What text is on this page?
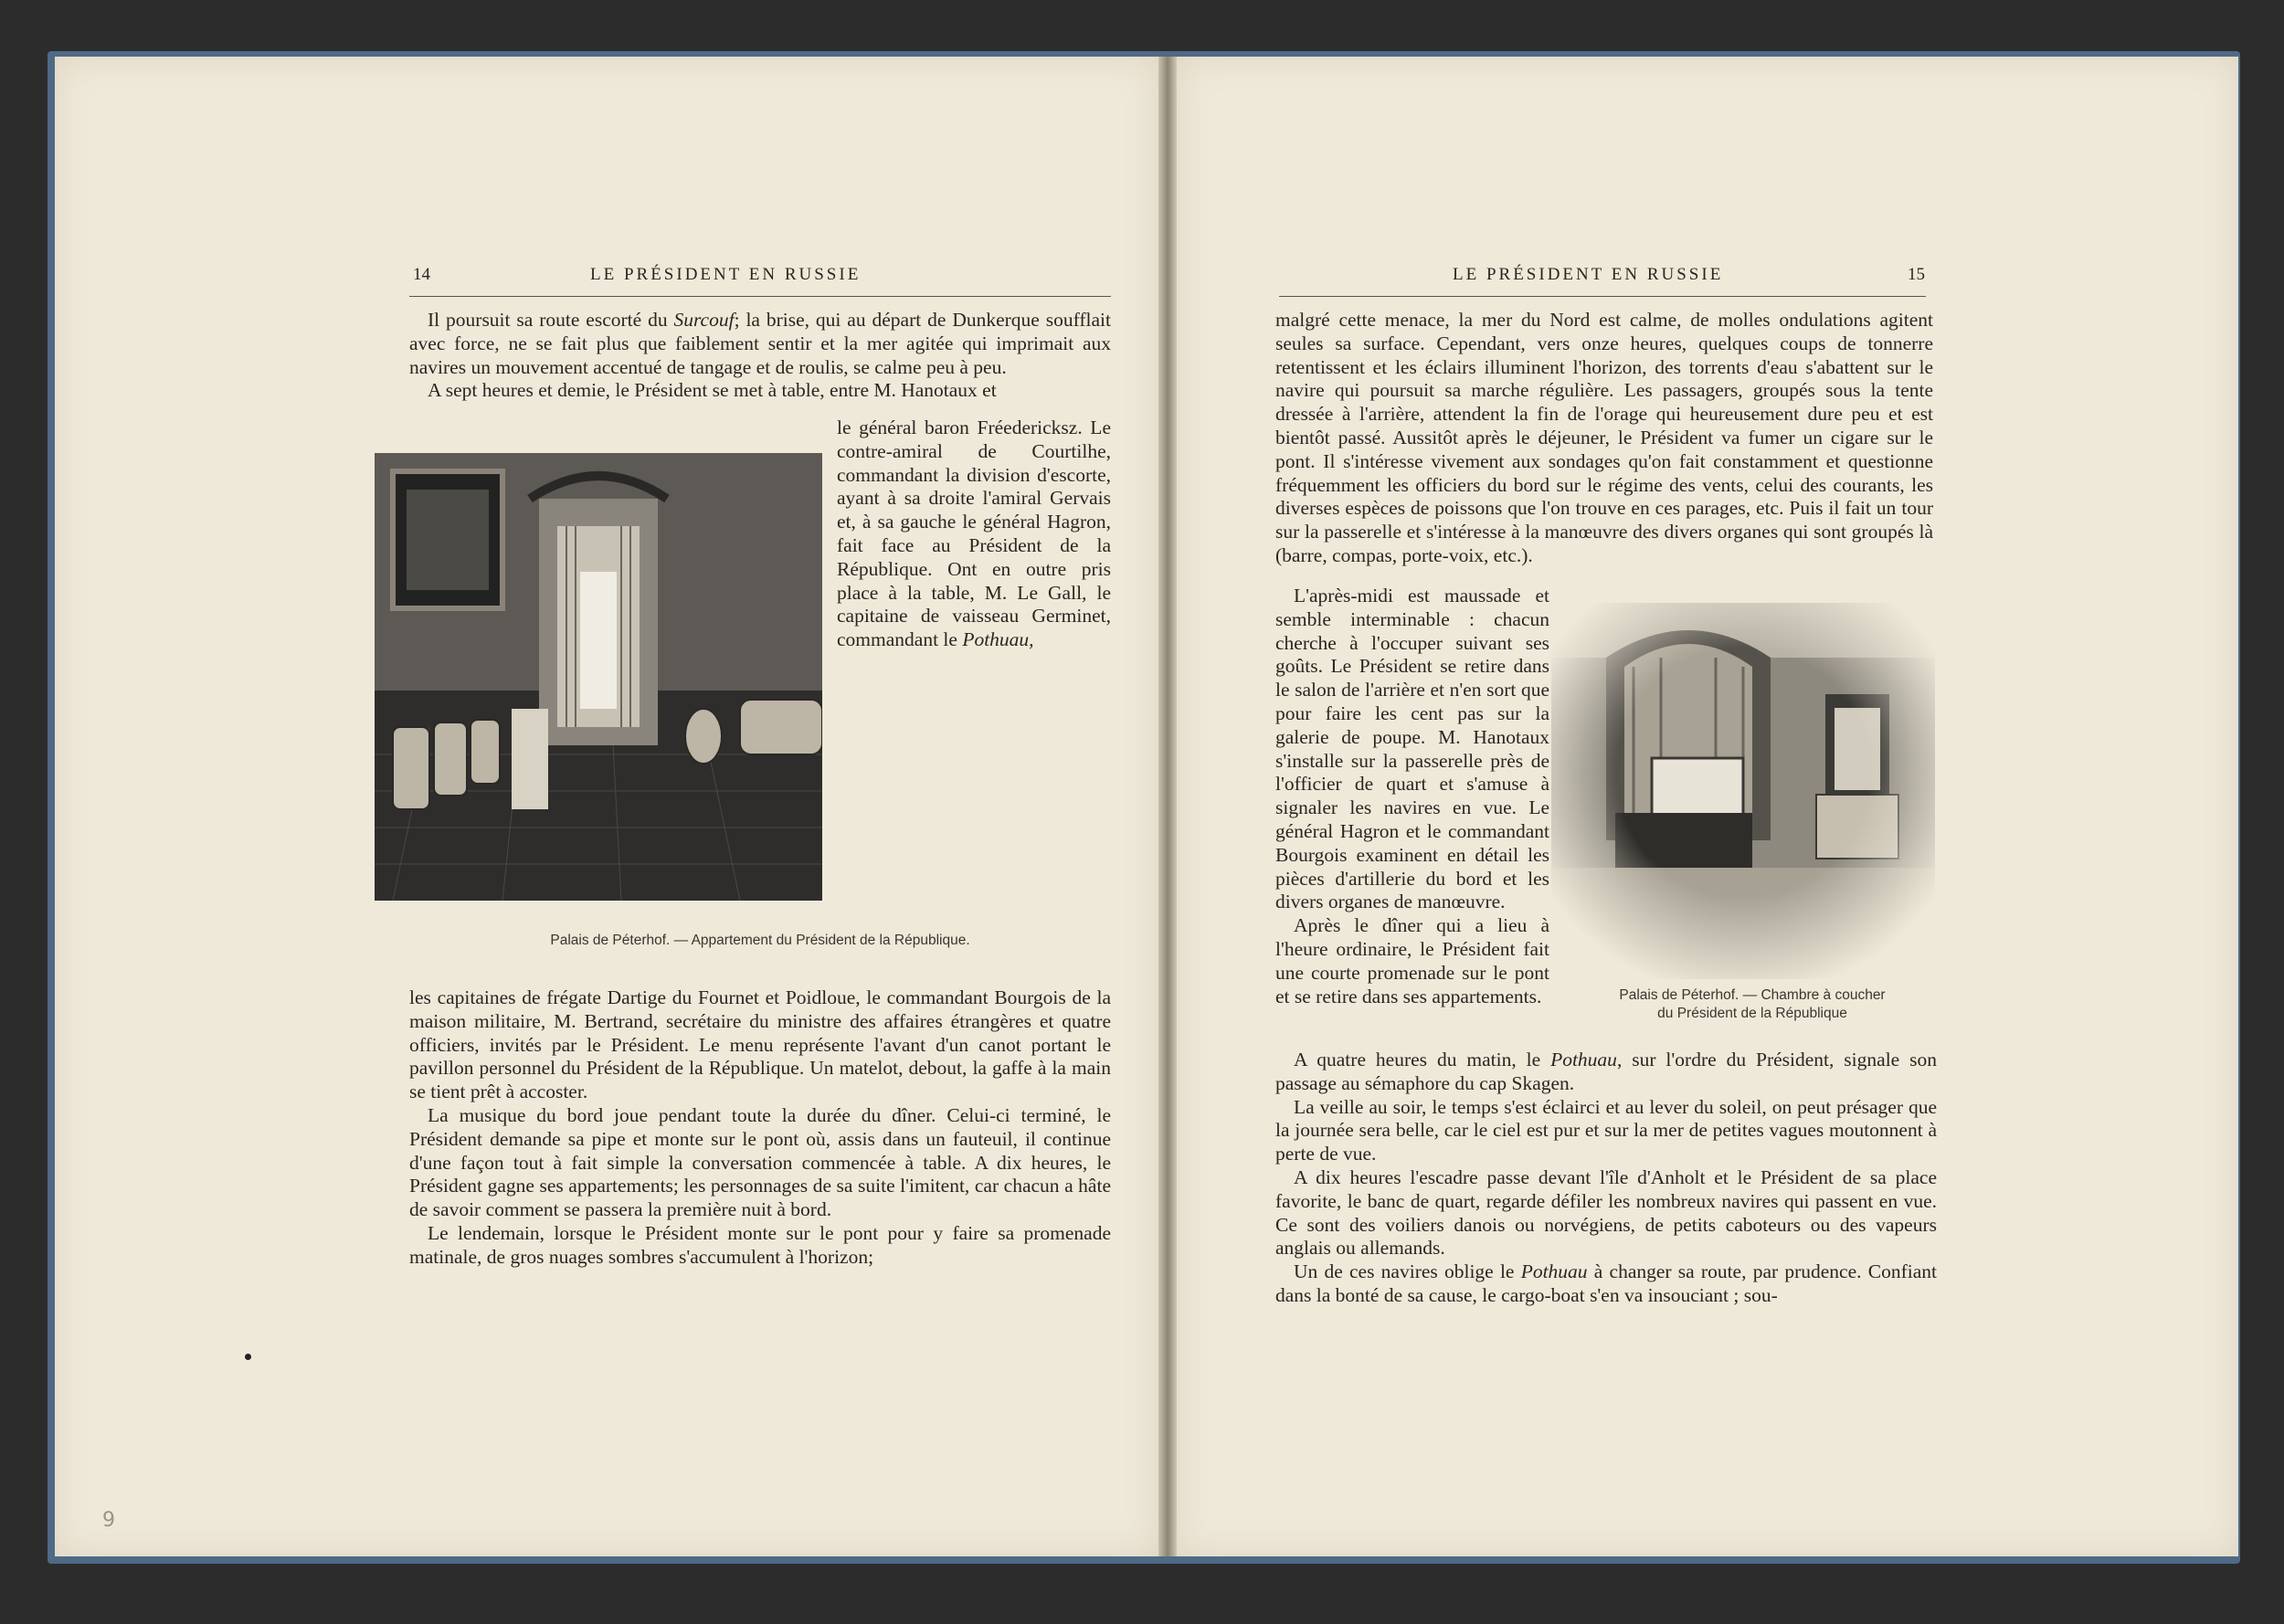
14	LE PRÉSIDENT EN RUSSIE

Il poursuit sa route escorté du Surcouf; la brise, qui au départ de Dunkerque soufflait avec force, ne se fait plus que faiblement sentir et la mer agitée qui imprimait aux navires un mouvement accentué de tangage et de roulis, se calme peu à peu.

A sept heures et demie, le Président se met à table, entre M. Hanotaux et

le général baron Fréedericksz. Le contre-amiral de Courtilhe, commandant la division d'escorte, ayant à sa droite l'amiral Gervais et, à sa gauche le général Hagron, fait face au Président de la République. Ont en outre pris place à la table, M. Le Gall, le capitaine de vaisseau Germinet, commandant le Pothuau,

Palais de Péterhof. — Appartement du Président de la République.

les capitaines de frégate Dartige du Fournet et Poidloue, le commandant Bourgois de la maison militaire, M. Bertrand, secrétaire du ministre des affaires étrangères et quatre officiers, invités par le Président. Le menu représente l'avant d'un canot portant le pavillon personnel du Président de la République. Un matelot, debout, la gaffe à la main se tient prêt à accoster.

La musique du bord joue pendant toute la durée du dîner. Celui-ci terminé, le Président demande sa pipe et monte sur le pont où, assis dans un fauteuil, il continue d'une façon tout à fait simple la conversation commencée à table. A dix heures, le Président gagne ses appartements; les personnages de sa suite l'imitent, car chacun a hâte de savoir comment se passera la première nuit à bord.

Le lendemain, lorsque le Président monte sur le pont pour y faire sa promenade matinale, de gros nuages sombres s'accumulent à l'horizon;

9
LE PRÉSIDENT EN RUSSIE	15

malgré cette menace, la mer du Nord est calme, de molles ondulations agitent seules sa surface. Cependant, vers onze heures, quelques coups de tonnerre retentissent et les éclairs illuminent l'horizon, des torrents d'eau s'abattent sur le navire qui poursuit sa marche régulière. Les passagers, groupés sous la tente dressée à l'arrière, attendent la fin de l'orage qui heureusement dure peu et est bientôt passé. Aussitôt après le déjeuner, le Président va fumer un cigare sur le pont. Il s'intéresse vivement aux sondages qu'on fait constamment et questionne fréquemment les officiers du bord sur le régime des vents, celui des courants, les diverses espèces de poissons que l'on trouve en ces parages, etc. Puis il fait un tour sur la passerelle et s'intéresse à la manœuvre des divers organes qui sont groupés là (barre, compas, porte-voix, etc.).

L'après-midi est maussade et semble interminable : chacun cherche à l'occuper suivant ses goûts. Le Président se retire dans le salon de l'arrière et n'en sort que pour faire les cent pas sur la galerie de poupe. M. Hanotaux s'installe sur la passerelle près de l'officier de quart et s'amuse à signaler les navires en vue. Le général Hagron et le commandant Bourgois examinent en détail les pièces d'artillerie du bord et les divers organes de manœuvre.

Après le dîner qui a lieu à l'heure ordinaire, le Président fait une courte promenade sur le pont et se retire dans ses appartements.	Palais de Péterhof. — Chambre à coucher
du Président de la République

A quatre heures du matin, le Pothuau, sur l'ordre du Président, signale son passage au sémaphore du cap Skagen.

La veille au soir, le temps s'est éclairci et au lever du soleil, on peut présager que la journée sera belle, car le ciel est pur et sur la mer de petites vagues moutonnent à perte de vue.

A dix heures l'escadre passe devant l'île d'Anholt et le Président de sa place favorite, le banc de quart, regarde défiler les nombreux navires qui passent en vue. Ce sont des voiliers danois ou norvégiens, de petits caboteurs ou des vapeurs anglais ou allemands.

Un de ces navires oblige le Pothuau à changer sa route, par prudence. Confiant dans la bonté de sa cause, le cargo-boat s'en va insouciant ; sou-
